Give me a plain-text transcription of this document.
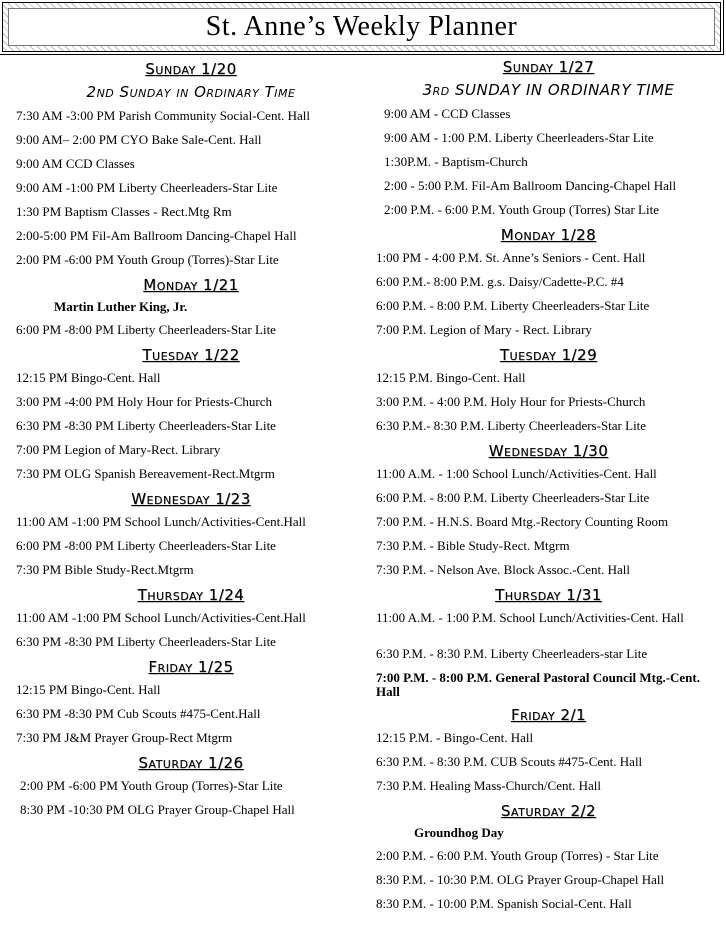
St. Anne’s Weekly Planner
Sunday 1/20
2nd Sunday in Ordinary Time
7:30 AM -3:00 PM Parish Community Social-Cent. Hall
9:00 AM– 2:00 PM CYO Bake Sale-Cent. Hall
9:00 AM CCD Classes
9:00 AM -1:00 PM Liberty Cheerleaders-Star Lite
1:30 PM Baptism Classes - Rect.Mtg Rm
2:00-5:00 PM Fil-Am Ballroom Dancing-Chapel Hall
2:00 PM -6:00 PM Youth Group (Torres)-Star Lite
Monday 1/21
Martin Luther King, Jr.
6:00 PM -8:00 PM Liberty Cheerleaders-Star Lite
Tuesday 1/22
12:15 PM Bingo-Cent. Hall
3:00 PM -4:00 PM Holy Hour for Priests-Church
6:30 PM -8:30 PM Liberty Cheerleaders-Star Lite
7:00 PM Legion of Mary-Rect. Library
7:30 PM OLG Spanish Bereavement-Rect.Mtgrm
Wednesday 1/23
11:00 AM -1:00 PM School Lunch/Activities-Cent.Hall
6:00 PM -8:00 PM Liberty Cheerleaders-Star Lite
7:30 PM Bible Study-Rect.Mtgrm
Thursday 1/24
11:00 AM -1:00 PM School Lunch/Activities-Cent.Hall
6:30 PM -8:30 PM Liberty Cheerleaders-Star Lite
Friday 1/25
12:15 PM Bingo-Cent. Hall
6:30 PM -8:30 PM Cub Scouts #475-Cent.Hall
7:30 PM J&M Prayer Group-Rect Mtgrm
Saturday 1/26
2:00 PM -6:00 PM Youth Group (Torres)-Star Lite
8:30 PM -10:30 PM OLG Prayer Group-Chapel Hall
Sunday 1/27
3rd SUNDAY IN ORDINARY TIME
9:00 AM - CCD Classes
9:00 AM - 1:00 P.M. Liberty Cheerleaders-Star Lite
1:30P.M. - Baptism-Church
2:00 - 5:00 P.M. Fil-Am Ballroom Dancing-Chapel Hall
2:00 P.M. - 6:00 P.M. Youth Group (Torres) Star Lite
Monday 1/28
1:00 PM - 4:00 P.M. St. Anne’s Seniors - Cent. Hall
6:00 P.M.- 8:00 P.M. g.s. Daisy/Cadette-P.C. #4
6:00 P.M. - 8:00 P.M. Liberty Cheerleaders-Star Lite
7:00 P.M. Legion of Mary - Rect. Library
Tuesday 1/29
12:15 P.M. Bingo-Cent. Hall
3:00 P.M. - 4:00 P.M. Holy Hour for Priests-Church
6:30 P.M.- 8:30 P.M. Liberty Cheerleaders-Star Lite
Wednesday 1/30
11:00 A.M. - 1:00 School Lunch/Activities-Cent. Hall
6:00 P.M. - 8:00 P.M. Liberty Cheerleaders-Star Lite
7:00 P.M. - H.N.S. Board Mtg.-Rectory Counting Room
7:30 P.M. - Bible Study-Rect. Mtgrm
7:30 P.M. - Nelson Ave. Block Assoc.-Cent. Hall
Thursday 1/31
11:00 A.M. - 1:00 P.M. School Lunch/Activities-Cent. Hall
6:30 P.M. - 8:30 P.M. Liberty Cheerleaders-star Lite
7:00 P.M. - 8:00 P.M. General Pastoral Council Mtg.-Cent. Hall
Friday 2/1
12:15 P.M. - Bingo-Cent. Hall
6:30 P.M. - 8:30 P.M. CUB Scouts #475-Cent. Hall
7:30 P.M. Healing Mass-Church/Cent. Hall
Saturday 2/2
Groundhog Day
2:00 P.M. - 6:00 P.M. Youth Group (Torres) - Star Lite
8:30 P.M. - 10:30 P.M. OLG Prayer Group-Chapel Hall
8:30 P.M. - 10:00 P.M. Spanish Social-Cent. Hall
